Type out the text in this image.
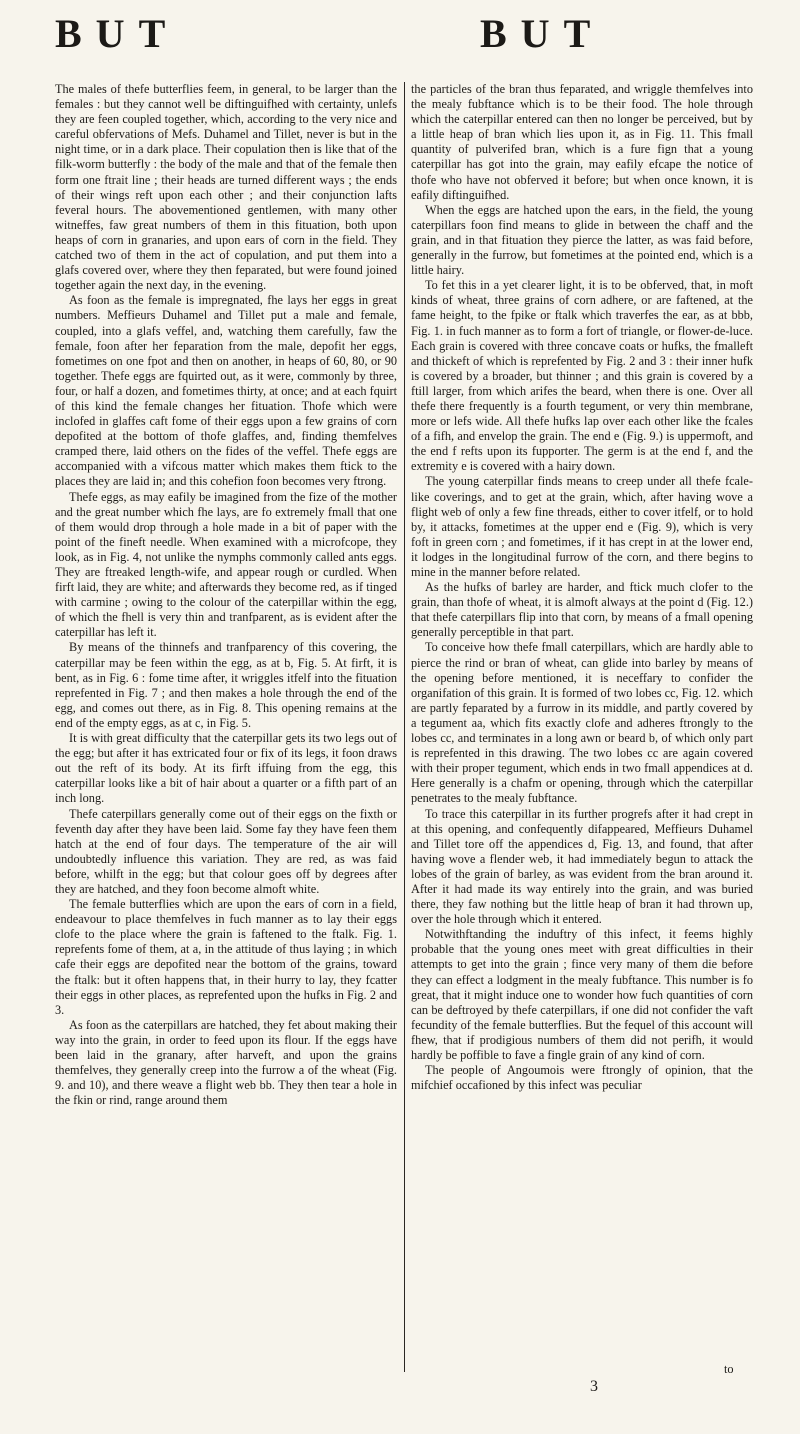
BUT	BUT

The males of thefe butterflies feem, in general, to be larger than the females : but they cannot well be diftinguifhed with certainty, unlefs they are feen coupled together, which, according to the very nice and careful obfervations of Mefs. Duhamel and Tillet, never is but in the night time, or in a dark place. Their copulation then is like that of the filk-worm butterfly : the body of the male and that of the female then form one ftrait line ; their heads are turned different ways ; the ends of their wings reft upon each other ; and their conjunction lafts feveral hours. The abovementioned gentlemen, with many other witneffes, faw great numbers of them in this fituation, both upon heaps of corn in granaries, and upon ears of corn in the field. They catched two of them in the act of copulation, and put them into a glafs covered over, where they then feparated, but were found joined together again the next day, in the evening.

As foon as the female is impregnated, fhe lays her eggs in great numbers. Meffieurs Duhamel and Tillet put a male and female, coupled, into a glafs veffel, and, watching them carefully, faw the female, foon after her feparation from the male, depofit her eggs, fometimes on one fpot and then on another, in heaps of 60, 80, or 90 together. Thefe eggs are fquirted out, as it were, commonly by three, four, or half a dozen, and fometimes thirty, at once; and at each fquirt of this kind the female changes her fituation. Thofe which were inclofed in glaffes caft fome of their eggs upon a few grains of corn depofited at the bottom of thofe glaffes, and, finding themfelves cramped there, laid others on the fides of the veffel. Thefe eggs are accompanied with a vifcous matter which makes them ftick to the places they are laid in; and this cohefion foon becomes very ftrong.

Thefe eggs, as may eafily be imagined from the fize of the mother and the great number which fhe lays, are fo extremely fmall that one of them would drop through a hole made in a bit of paper with the point of the fineft needle. When examined with a microfcope, they look, as in Fig. 4, not unlike the nymphs commonly called ants eggs. They are ftreaked length-wife, and appear rough or curdled. When firft laid, they are white; and afterwards they become red, as if tinged with carmine ; owing to the colour of the caterpillar within the egg, of which the fhell is very thin and tranfparent, as is evident after the caterpillar has left it.

By means of the thinnefs and tranfparency of this covering, the caterpillar may be feen within the egg, as at b, Fig. 5. At firft, it is bent, as in Fig. 6 : fome time after, it wriggles itfelf into the fituation reprefented in Fig. 7 ; and then makes a hole through the end of the egg, and comes out there, as in Fig. 8. This opening remains at the end of the empty eggs, as at c, in Fig. 5.

It is with great difficulty that the caterpillar gets its two legs out of the egg; but after it has extricated four or fix of its legs, it foon draws out the reft of its body. At its firft iffuing from the egg, this caterpillar looks like a bit of hair about a quarter or a fifth part of an inch long.

Thefe caterpillars generally come out of their eggs on the fixth or feventh day after they have been laid. Some fay they have feen them hatch at the end of four days. The temperature of the air will undoubtedly influence this variation. They are red, as was faid before, whilft in the egg; but that colour goes off by degrees after they are hatched, and they foon become almoft white.

The female butterflies which are upon the ears of corn in a field, endeavour to place themfelves in fuch manner as to lay their eggs clofe to the place where the grain is faftened to the ftalk. Fig. 1. reprefents fome of them, at a, in the attitude of thus laying ; in which cafe their eggs are depofited near the bottom of the grains, toward the ftalk: but it often happens that, in their hurry to lay, they fcatter their eggs in other places, as reprefented upon the hufks in Fig. 2 and 3.

As foon as the caterpillars are hatched, they fet about making their way into the grain, in order to feed upon its flour. If the eggs have been laid in the granary, after harveft, and upon the grains themfelves, they generally creep into the furrow a of the wheat (Fig. 9. and 10), and there weave a flight web bb. They then tear a hole in the fkin or rind, range around them

the particles of the bran thus feparated, and wriggle themfelves into the mealy fubftance which is to be their food. The hole through which the caterpillar entered can then no longer be perceived, but by a little heap of bran which lies upon it, as in Fig. 11. This fmall quantity of pulverifed bran, which is a fure fign that a young caterpillar has got into the grain, may eafily efcape the notice of thofe who have not obferved it before; but when once known, it is eafily diftinguifhed.

When the eggs are hatched upon the ears, in the field, the young caterpillars foon find means to glide in between the chaff and the grain, and in that fituation they pierce the latter, as was faid before, generally in the furrow, but fometimes at the pointed end, which is a little hairy.

To fet this in a yet clearer light, it is to be obferved, that, in moft kinds of wheat, three grains of corn adhere, or are faftened, at the fame height, to the fpike or ftalk which traverfes the ear, as at bbb, Fig. 1. in fuch manner as to form a fort of triangle, or flower-de-luce. Each grain is covered with three concave coats or hufks, the fmalleft and thickeft of which is reprefented by Fig. 2 and 3 : their inner hufk is covered by a broader, but thinner ; and this grain is covered by a ftill larger, from which arifes the beard, when there is one. Over all thefe there frequently is a fourth tegument, or very thin membrane, more or lefs wide. All thefe hufks lap over each other like the fcales of a fifh, and envelop the grain. The end e (Fig. 9.) is uppermoft, and the end f refts upon its fupporter. The germ is at the end f, and the extremity e is covered with a hairy down.

The young caterpillar finds means to creep under all thefe fcale-like coverings, and to get at the grain, which, after having wove a flight web of only a few fine threads, either to cover itfelf, or to hold by, it attacks, fometimes at the upper end e (Fig. 9), which is very foft in green corn ; and fometimes, if it has crept in at the lower end, it lodges in the longitudinal furrow of the corn, and there begins to mine in the manner before related.

As the hufks of barley are harder, and ftick much clofer to the grain, than thofe of wheat, it is almoft always at the point d (Fig. 12.) that thefe caterpillars flip into that corn, by means of a fmall opening generally perceptible in that part.

To conceive how thefe fmall caterpillars, which are hardly able to pierce the rind or bran of wheat, can glide into barley by means of the opening before mentioned, it is neceffary to confider the organifation of this grain. It is formed of two lobes cc, Fig. 12. which are partly feparated by a furrow in its middle, and partly covered by a tegument aa, which fits exactly clofe and adheres ftrongly to the lobes cc, and terminates in a long awn or beard b, of which only part is reprefented in this drawing. The two lobes cc are again covered with their proper tegument, which ends in two fmall appendices at d. Here generally is a chafm or opening, through which the caterpillar penetrates to the mealy fubftance.

To trace this caterpillar in its further progrefs after it had crept in at this opening, and confequently difappeared, Meffieurs Duhamel and Tillet tore off the appendices d, Fig. 13, and found, that after having wove a flender web, it had immediately begun to attack the lobes of the grain of barley, as was evident from the bran around it. After it had made its way entirely into the grain, and was buried there, they faw nothing but the little heap of bran it had thrown up, over the hole through which it entered.

Notwithftanding the induftry of this infect, it feems highly probable that the young ones meet with great difficulties in their attempts to get into the grain ; fince very many of them die before they can effect a lodgment in the mealy fubftance. This number is fo great, that it might induce one to wonder how fuch quantities of corn can be deftroyed by thefe caterpillars, if one did not confider the vaft fecundity of the female butterflies. But the fequel of this account will fhew, that if prodigious numbers of them did not perifh, it would hardly be poffible to fave a fingle grain of any kind of corn.

The people of Angoumois were ftrongly of opinion, that the mifchief occafioned by this infect was peculiar

to
3
